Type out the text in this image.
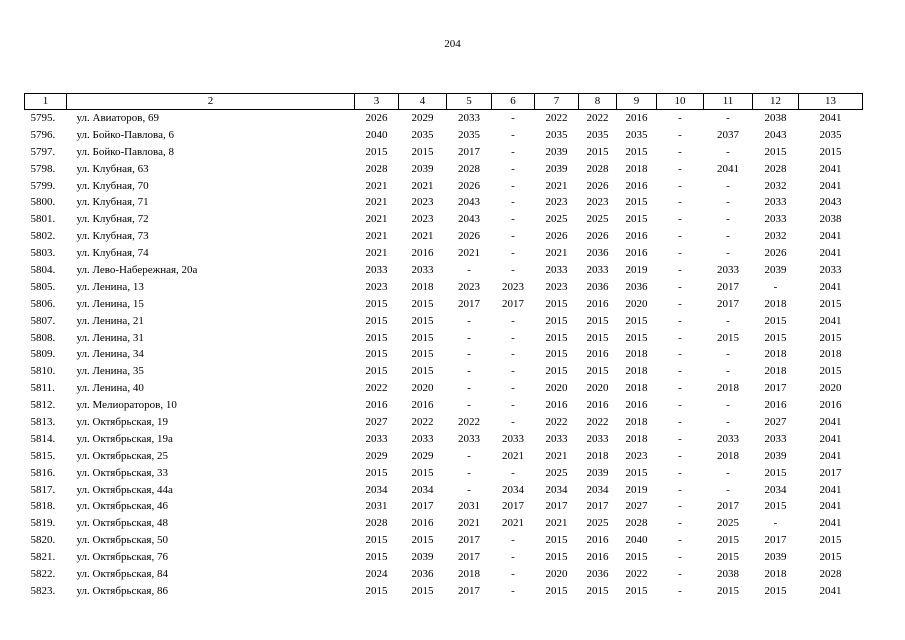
204
1	2	3	4	5	6	7	8	9	10	11	12	13
5795.	ул. Авиаторов, 69	2026	2029	2033	-	2022	2022	2016	-	-	2038	2041
5796.	ул. Бойко-Павлова, 6	2040	2035	2035	-	2035	2035	2035	-	2037	2043	2035
5797.	ул. Бойко-Павлова, 8	2015	2015	2017	-	2039	2015	2015	-	-	2015	2015
5798.	ул. Клубная, 63	2028	2039	2028	-	2039	2028	2018	-	2041	2028	2041
5799.	ул. Клубная, 70	2021	2021	2026	-	2021	2026	2016	-	-	2032	2041
5800.	ул. Клубная, 71	2021	2023	2043	-	2023	2023	2015	-	-	2033	2043
5801.	ул. Клубная, 72	2021	2023	2043	-	2025	2025	2015	-	-	2033	2038
5802.	ул. Клубная, 73	2021	2021	2026	-	2026	2026	2016	-	-	2032	2041
5803.	ул. Клубная, 74	2021	2016	2021	-	2021	2036	2016	-	-	2026	2041
5804.	ул. Лево-Набережная, 20а	2033	2033	-	-	2033	2033	2019	-	2033	2039	2033
5805.	ул. Ленина, 13	2023	2018	2023	2023	2023	2036	2036	-	2017	-	2041
5806.	ул. Ленина, 15	2015	2015	2017	2017	2015	2016	2020	-	2017	2018	2015
5807.	ул. Ленина, 21	2015	2015	-	-	2015	2015	2015	-	-	2015	2041
5808.	ул. Ленина, 31	2015	2015	-	-	2015	2015	2015	-	2015	2015	2015
5809.	ул. Ленина, 34	2015	2015	-	-	2015	2016	2018	-	-	2018	2018
5810.	ул. Ленина, 35	2015	2015	-	-	2015	2015	2018	-	-	2018	2015
5811.	ул. Ленина, 40	2022	2020	-	-	2020	2020	2018	-	2018	2017	2020
5812.	ул. Мелиораторов, 10	2016	2016	-	-	2016	2016	2016	-	-	2016	2016
5813.	ул. Октябрьская, 19	2027	2022	2022	-	2022	2022	2018	-	-	2027	2041
5814.	ул. Октябрьская, 19а	2033	2033	2033	2033	2033	2033	2018	-	2033	2033	2041
5815.	ул. Октябрьская, 25	2029	2029	-	2021	2021	2018	2023	-	2018	2039	2041
5816.	ул. Октябрьская, 33	2015	2015	-	-	2025	2039	2015	-	-	2015	2017
5817.	ул. Октябрьская, 44а	2034	2034	-	2034	2034	2034	2019	-	-	2034	2041
5818.	ул. Октябрьская, 46	2031	2017	2031	2017	2017	2017	2027	-	2017	2015	2041
5819.	ул. Октябрьская, 48	2028	2016	2021	2021	2021	2025	2028	-	2025	-	2041
5820.	ул. Октябрьская, 50	2015	2015	2017	-	2015	2016	2040	-	2015	2017	2015
5821.	ул. Октябрьская, 76	2015	2039	2017	-	2015	2016	2015	-	2015	2039	2015
5822.	ул. Октябрьская, 84	2024	2036	2018	-	2020	2036	2022	-	2038	2018	2028
5823.	ул. Октябрьская, 86	2015	2015	2017	-	2015	2015	2015	-	2015	2015	2041
